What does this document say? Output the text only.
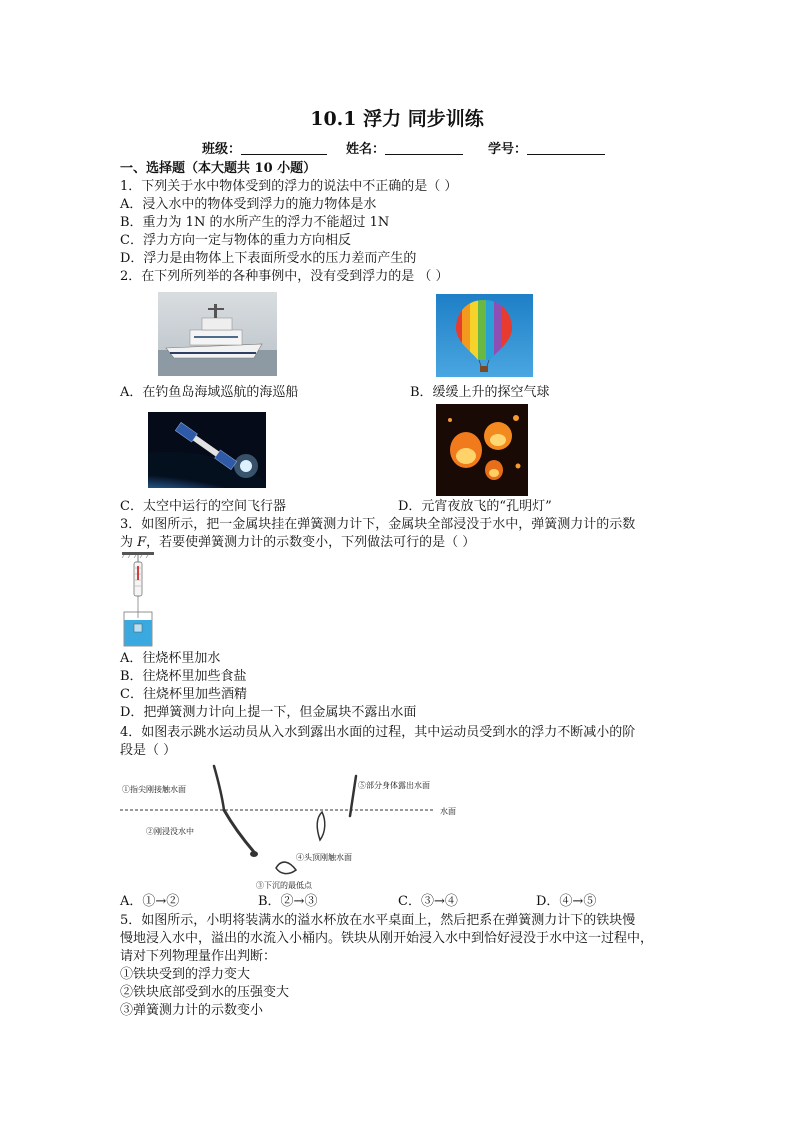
10.1 浮力 同步训练
班级：	姓名：	学号：
一、选择题（本大题共 10 小题）
1．下列关于水中物体受到的浮力的说法中不正确的是（ ）
A．浸入水中的物体受到浮力的施力物体是水
B．重力为 1N 的水所产生的浮力不能超过 1N
C．浮力方向一定与物体的重力方向相反
D．浮力是由物体上下表面所受水的压力差而产生的
2．在下列所列举的各种事例中，没有受到浮力的是 （ ）
A．在钓鱼岛海域巡航的海巡船	B．缓缓上升的探空气球
C．太空中运行的空间飞行器	D．元宵夜放飞的“孔明灯”
3．如图所示，把一金属块挂在弹簧测力计下，金属块全部浸没于水中，弹簧测力计的示数
为 F，若要使弹簧测力计的示数变小，下列做法可行的是（ ）
A．往烧杯里加水
B．往烧杯里加些食盐
C．往烧杯里加些酒精
D．把弹簧测力计向上提一下，但金属块不露出水面
4．如图表示跳水运动员从入水到露出水面的过程，其中运动员受到水的浮力不断减小的阶
段是（ ）
①指尖刚接触水面
②刚浸没水中
③下沉的最低点
④头顶刚触水面
⑤部分身体露出水面
水面
A．①→②	B．②→③	C．③→④	D．④→⑤
5．如图所示，小明将装满水的溢水杯放在水平桌面上，然后把系在弹簧测力计下的铁块慢
慢地浸入水中，溢出的水流入小桶内。铁块从刚开始浸入水中到恰好浸没于水中这一过程中，
请对下列物理量作出判断：
①铁块受到的浮力变大
②铁块底部受到水的压强变大
③弹簧测力计的示数变小
